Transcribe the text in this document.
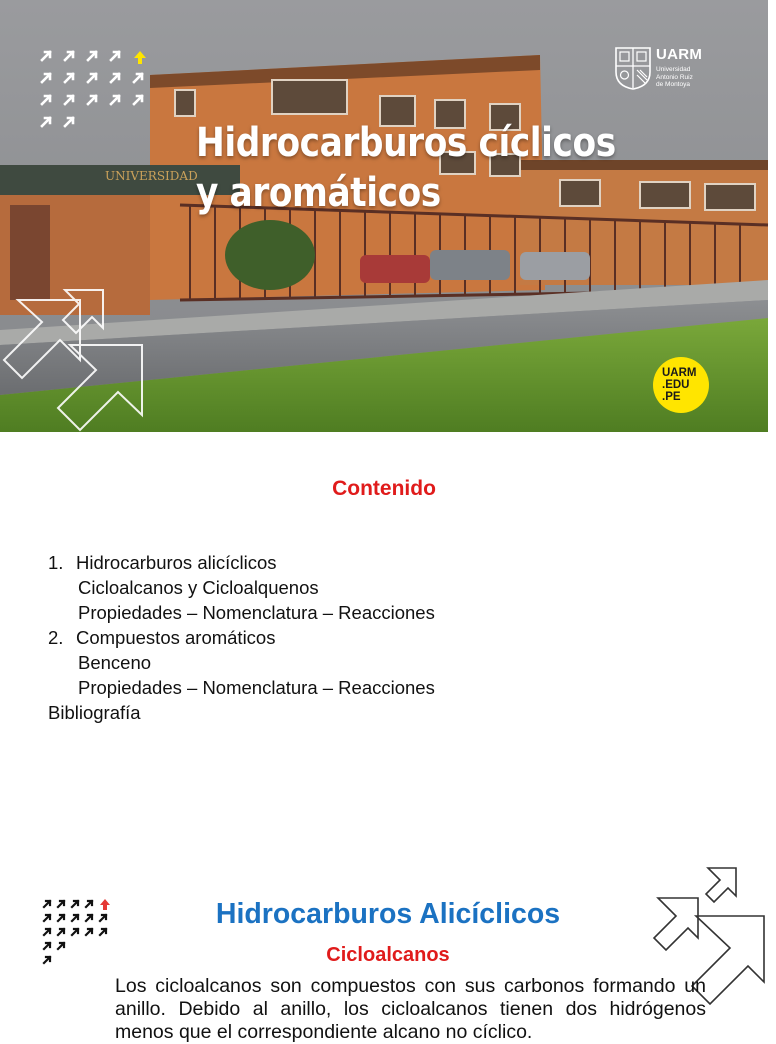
UNIVERSIDAD
Hidrocarburos cíclicos
y aromáticos
UARM
Universidad
Antonio Ruiz
de Montoya
UARM
.EDU
.PE
Contenido
1. Hidrocarburos alicíclicos
Cicloalcanos y Cicloalquenos
Propiedades – Nomenclatura – Reacciones
2. Compuestos aromáticos
Benceno
Propiedades – Nomenclatura – Reacciones
Bibliografía
Hidrocarburos Alicíclicos
Cicloalcanos
Los cicloalcanos son compuestos con sus carbonos formando un anillo. Debido al anillo, los cicloalcanos tienen dos hidrógenos menos que el correspondiente alcano no cíclico.
